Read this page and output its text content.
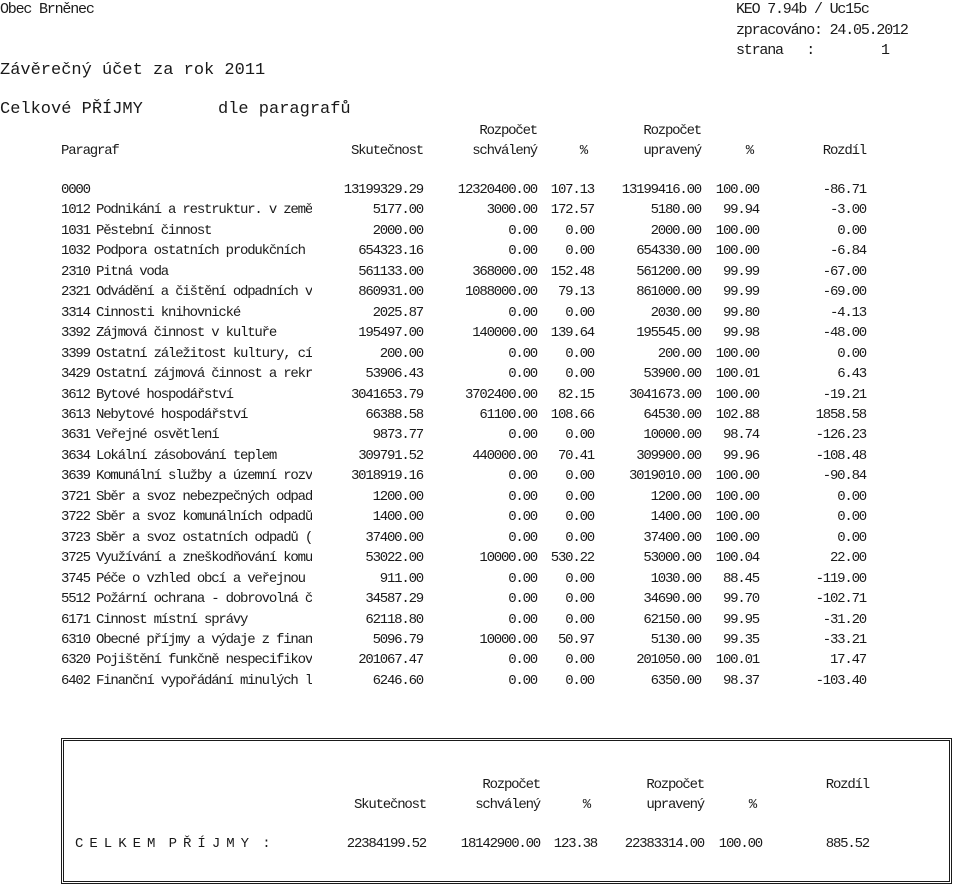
Obec Brněnec	KEO 7.94b / Uc15c
zpracováno: 24.05.2012
strana   :	1
Závěrečný účet za rok 2011
Celkové PŘÍJMY	dle paragrafů
Rozpočet	Rozpočet
Paragraf	Skutečnost	schválený	%	upravený	%	Rozdíl
0000	13199329.29 12320400.00 107.13 13199416.00 100.00	-86.71
1012 Podnikání a restruktur. v země	5177.00	3000.00 172.57	5180.00 99.94	-3.00
1031 Pěstební činnost	2000.00	0.00 0.00	2000.00 100.00	0.00
1032 Podpora ostatních produkčních	654323.16	0.00 0.00	654330.00 100.00	-6.84
2310 Pitná voda	561133.00	368000.00 152.48	561200.00 99.99	-67.00
2321 Odvádění a čištění odpadních v	860931.00	1088000.00 79.13	861000.00 99.99	-69.00
3314 Činnosti knihovnické	2025.87	0.00 0.00	2030.00 99.80	-4.13
3392 Zájmová činnost v kultuře	195497.00	140000.00 139.64	195545.00 99.98	-48.00
3399 Ostatní záležitost kultury, cí	200.00	0.00 0.00	200.00 100.00	0.00
3429 Ostatní zájmová činnost a rekr	53906.43	0.00 0.00	53900.00 100.01	6.43
3612 Bytové hospodářství	3041653.79	3702400.00 82.15 3041673.00 100.00	-19.21
3613 Nebytové hospodářství	66388.58	61100.00 108.66	64530.00 102.88	1858.58
3631 Veřejné osvětlení	9873.77	0.00 0.00	10000.00 98.74	-126.23
3634 Lokální zásobování teplem	309791.52	440000.00 70.41	309900.00 99.96	-108.48
3639 Komunální služby a územní rozv	3018919.16	0.00 0.00 3019010.00 100.00	-90.84
3721 Sběr a svoz nebezpečných odpad	1200.00	0.00 0.00	1200.00 100.00	0.00
3722 Sběr a svoz komunálních odpadů	1400.00	0.00 0.00	1400.00 100.00	0.00
3723 Sběr a svoz ostatních odpadů (	37400.00	0.00 0.00	37400.00 100.00	0.00
3725 Využívání a zneškodňování komu	53022.00	10000.00 530.22	53000.00 100.04	22.00
3745 Péče o vzhled obcí a veřejnou	911.00	0.00 0.00	1030.00 88.45	-119.00
5512 Požární ochrana - dobrovolná č	34587.29	0.00 0.00	34690.00 99.70	-102.71
6171 Činnost místní správy	62118.80	0.00 0.00	62150.00 99.95	-31.20
6310 Obecné příjmy a výdaje z finan	5096.79	10000.00 50.97	5130.00 99.35	-33.21
6320 Pojištění funkčně nespecifikov	201067.47	0.00 0.00	201050.00 100.01	17.47
6402 Finanční vypořádání minulých l	6246.60	0.00 0.00	6350.00 98.37	-103.40
Rozpočet	Rozpočet	Rozdíl
Skutečnost	schválený	%	upravený	%
C E L K E M  P Ř Í J M Y  :	22384199.52 18142900.00 123.38 22383314.00 100.00	885.52
